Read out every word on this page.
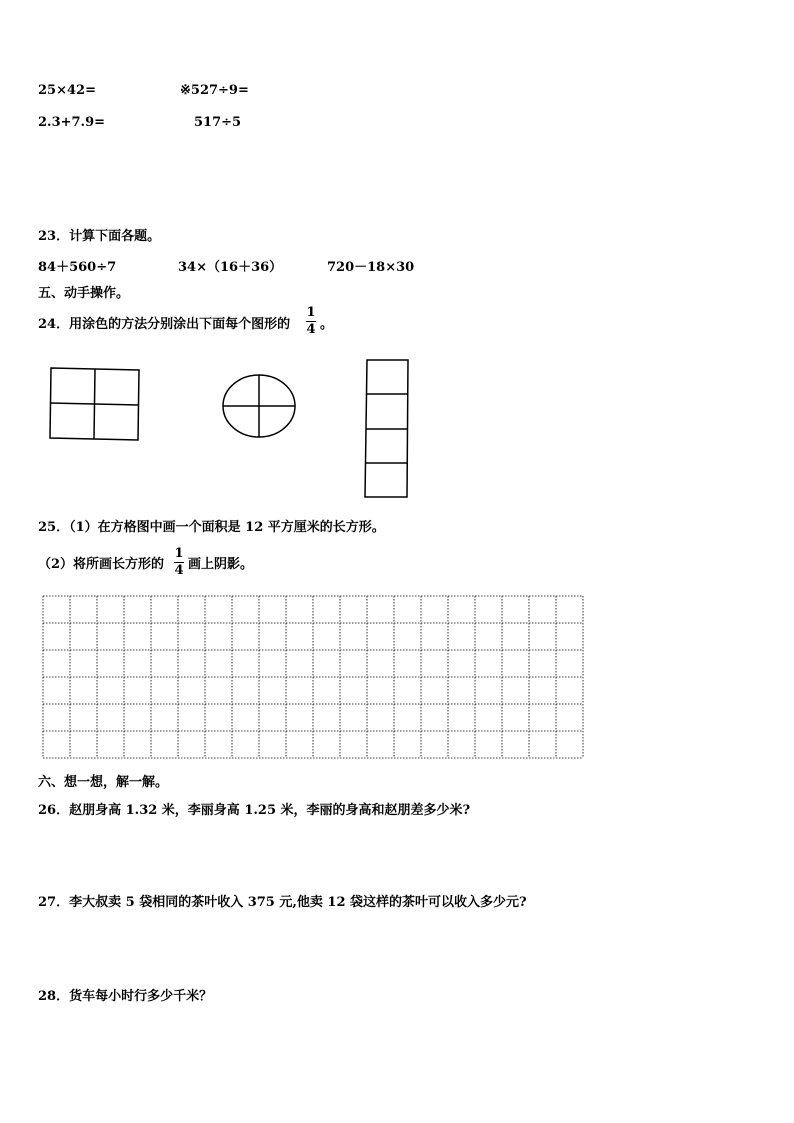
25×42=	※527÷9=
2.3+7.9=	517÷5
23．计算下面各题。
84＋560÷7	34×（16＋36）	720－18×30
五、动手操作。
24．用涂色的方法分别涂出下面每个图形的
1
4 。
25．（1）在方格图中画一个面积是 12 平方厘米的长方形。
（2）将所画长方形的
1
4 画上阴影。
六、想一想，解一解。
26．赵朋身高 1.32 米，李丽身高 1.25 米，李丽的身高和赵朋差多少米?
27．李大叔卖 5 袋相同的茶叶收入 375 元,他卖 12 袋这样的茶叶可以收入多少元?
28．货车每小时行多少千米？
